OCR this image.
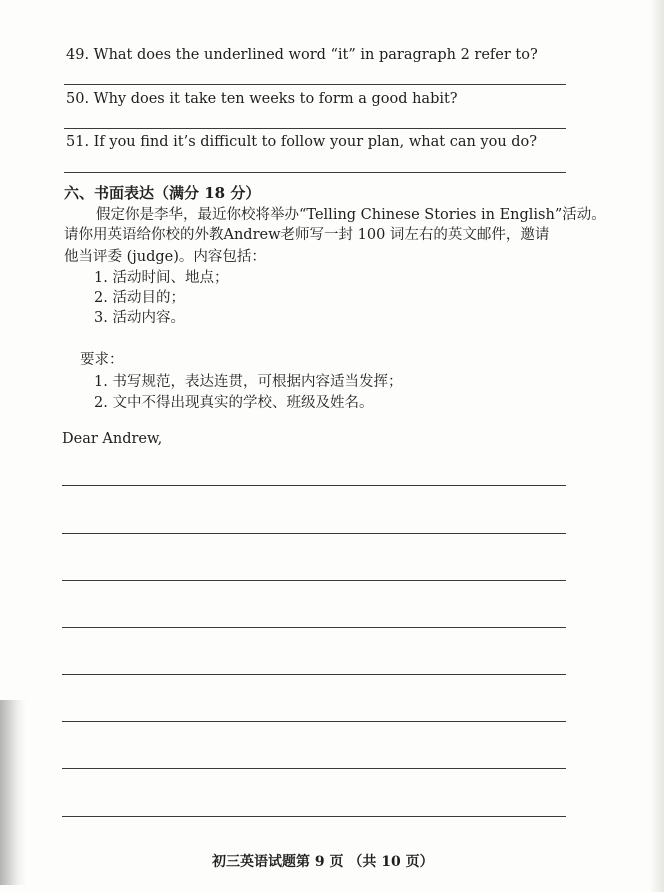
49. What does the underlined word “it” in paragraph 2 refer to?
50. Why does it take ten weeks to form a good habit?
51. If you find it’s difficult to follow your plan, what can you do?
六、书面表达（满分 18 分）
假定你是李华，最近你校将举办“Telling Chinese Stories in English”活动。
请你用英语给你校的外教Andrew老师写一封 100 词左右的英文邮件，邀请
他当评委 (judge)。内容包括：
1. 活动时间、地点；
2. 活动目的；
3. 活动内容。
要求：
1. 书写规范，表达连贯，可根据内容适当发挥；
2. 文中不得出现真实的学校、班级及姓名。
Dear Andrew,
初三英语试题第 9 页 （共 10 页）
